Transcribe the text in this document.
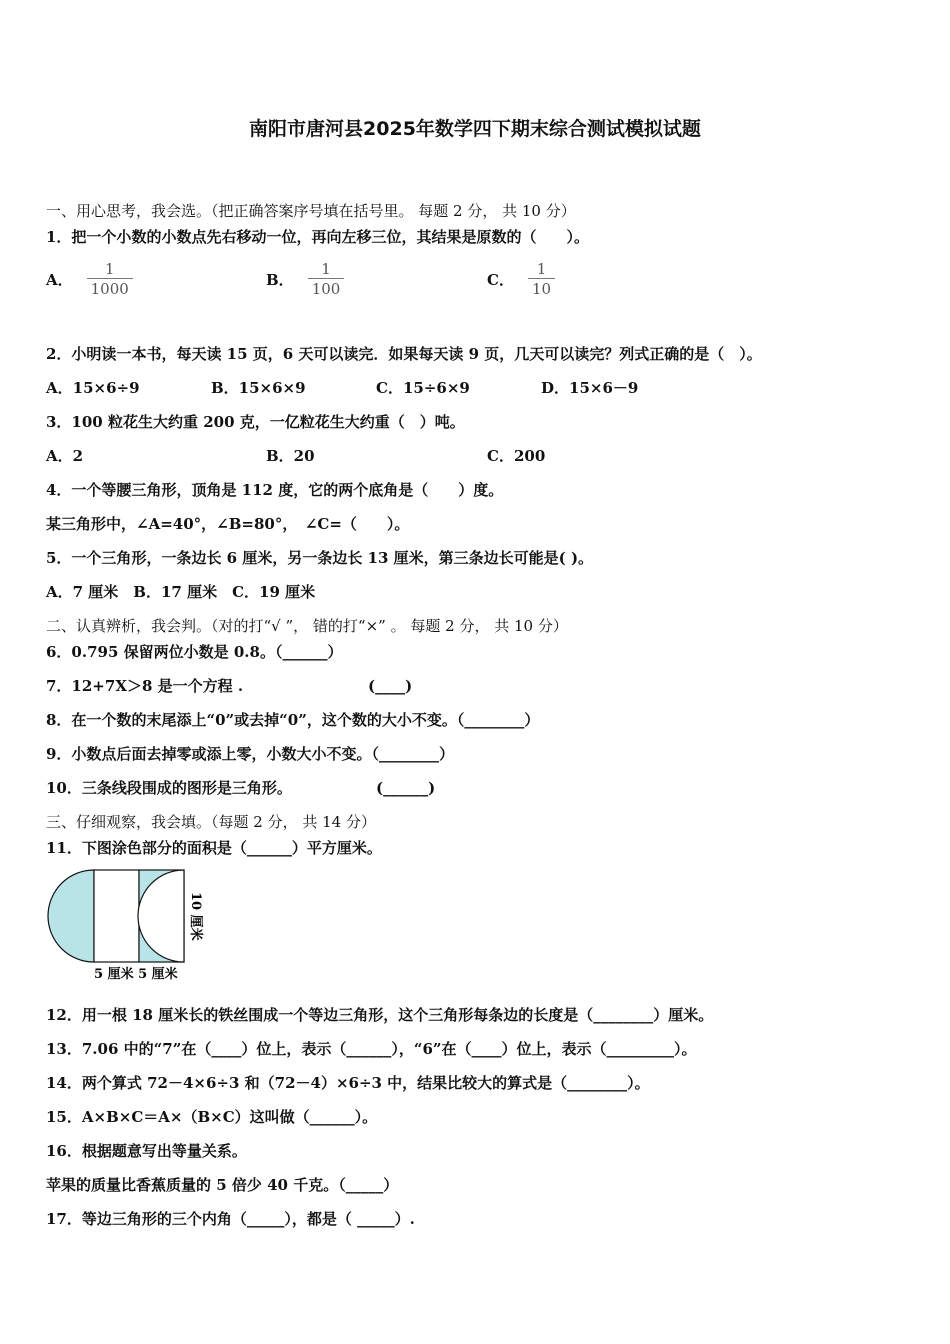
南阳市唐河县2025年数学四下期末综合测试模拟试题
一、用心思考，我会选。（把正确答案序号填在括号里。 每题 2 分， 共 10 分）
1．把一个小数的小数点先右移动一位，再向左移三位，其结果是原数的（　　）。
A． $\frac{1}{1000}$	B． $\frac{1}{100}$	C． $\frac{1}{10}$
2．小明读一本书，每天读 15 页，6 天可以读完．如果每天读 9 页，几天可以读完？列式正确的是（　）。
A．15×6÷9	B．15×6×9	C．15÷6×9	D．15×6－9
3．100 粒花生大约重 200 克，一亿粒花生大约重（　）吨。
A．2	B．20	C．200
4．一个等腰三角形，顶角是 112 度，它的两个底角是（　　）度。
某三角形中，∠A=40°，∠B=80°，　∠C=（　　）。
5．一个三角形，一条边长 6 厘米，另一条边长 13 厘米，第三条边长可能是( )。
A．7 厘米　B．17 厘米　C．19 厘米
二、认真辨析，我会判。（对的打“√ ”， 错的打“×” 。 每题 2 分， 共 10 分）
6．0.795 保留两位小数是 0.8。（______）
7．12+7X＞8 是一个方程 .	(____)
8．在一个数的末尾添上“0”或去掉“0”，这个数的大小不变。（________）
9．小数点后面去掉零或添上零，小数大小不变。（________）
10．三条线段围成的图形是三角形。	(______)
三、仔细观察，我会填。（每题 2 分， 共 14 分）
11．下图涂色部分的面积是（______）平方厘米。
5 厘米 5 厘米
10 厘米
12．用一根 18 厘米长的铁丝围成一个等边三角形，这个三角形每条边的长度是（________）厘米。
13．7.06 中的“7”在（____）位上，表示（______），“6”在（____）位上，表示（_________）。
14．两个算式 72－4×6÷3 和（72－4）×6÷3 中，结果比较大的算式是（________）。
15．A×B×C＝A×（B×C）这叫做（______）。
16．根据题意写出等量关系。
苹果的质量比香蕉质量的 5 倍少 40 千克。（_____）
17．等边三角形的三个内角（_____），都是（ _____）.
